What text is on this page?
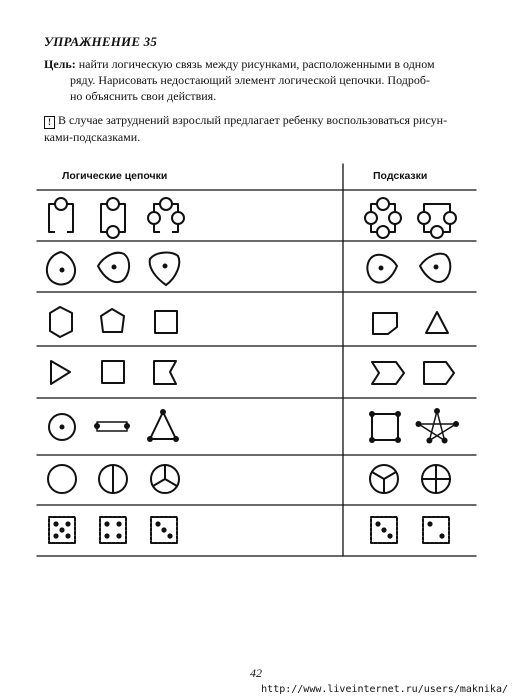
УПРАЖНЕНИЕ 35
Цель: найти логическую связь между рисунками, расположенными в одном
ряду. Нарисовать недостающий элемент логической цепочки. Подроб-
но объяснить свои действия.
! В случае затруднений взрослый предлагает ребенку воспользоваться рисун-
ками-подсказками.
Логические цепочки	Подсказки
42
http://www.liveinternet.ru/users/maknika/
